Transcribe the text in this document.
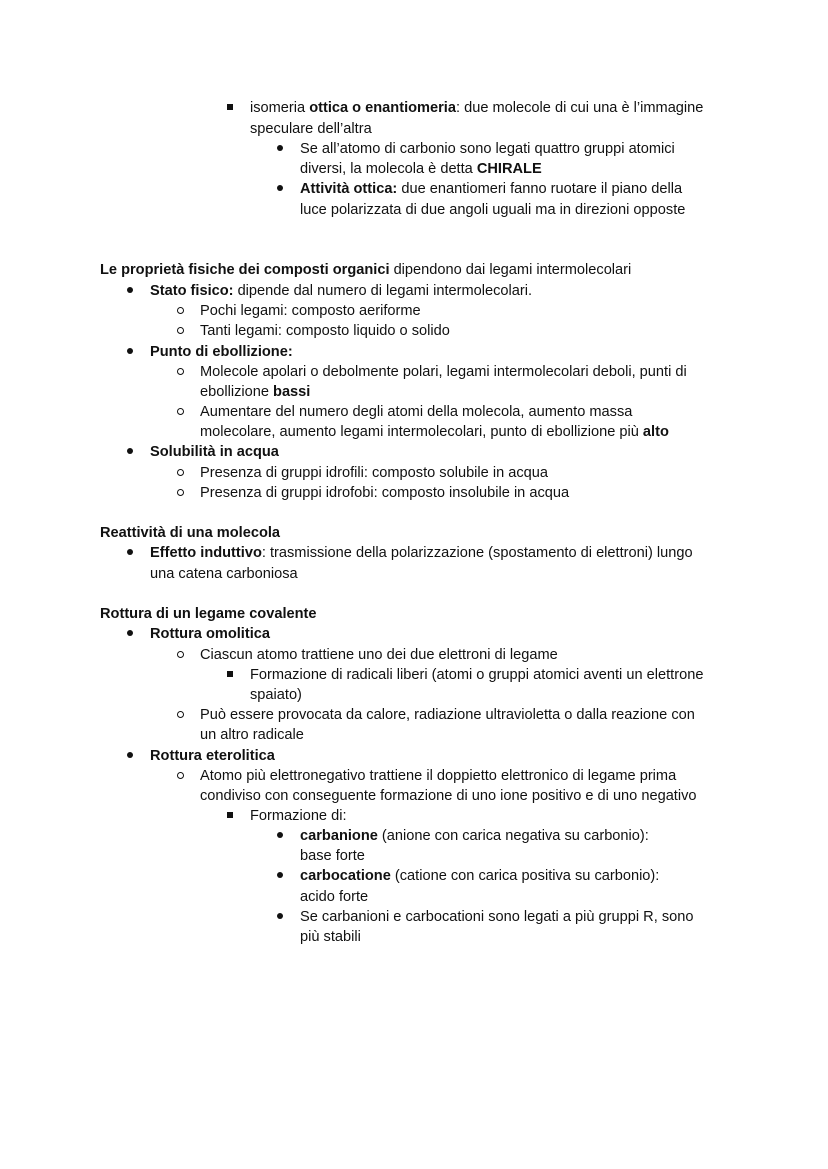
isomeria ottica o enantiomeria: due molecole di cui una è l’immagine
speculare dell’altra
Se all’atomo di carbonio sono legati quattro gruppi atomici
diversi, la molecola è detta CHIRALE
Attività ottica: due enantiomeri fanno ruotare il piano della
luce polarizzata di due angoli uguali ma in direzioni opposte
Le proprietà fisiche dei composti organici dipendono dai legami intermolecolari
Stato fisico: dipende dal numero di legami intermolecolari.
Pochi legami: composto aeriforme
Tanti legami: composto liquido o solido
Punto di ebollizione:
Molecole apolari o debolmente polari, legami intermolecolari deboli, punti di
ebollizione bassi
Aumentare del numero degli atomi della molecola, aumento massa
molecolare, aumento legami intermolecolari, punto di ebollizione più alto
Solubilità in acqua
Presenza di gruppi idrofili: composto solubile in acqua
Presenza di gruppi idrofobi: composto insolubile in acqua
Reattività di una molecola
Effetto induttivo: trasmissione della polarizzazione (spostamento di elettroni) lungo
una catena carboniosa
Rottura di un legame covalente
Rottura omolitica
Ciascun atomo trattiene uno dei due elettroni di legame
Formazione di radicali liberi (atomi o gruppi atomici aventi un elettrone
spaiato)
Può essere provocata da calore, radiazione ultravioletta o dalla reazione con
un altro radicale
Rottura eterolitica
Atomo più elettronegativo trattiene il doppietto elettronico di legame prima
condiviso con conseguente formazione di uno ione positivo e di uno negativo
Formazione di:
carbanione (anione con carica negativa su carbonio):
base forte
carbocatione (catione con carica positiva su carbonio):
acido forte
Se carbanioni e carbocationi sono legati a più gruppi R, sono
più stabili
